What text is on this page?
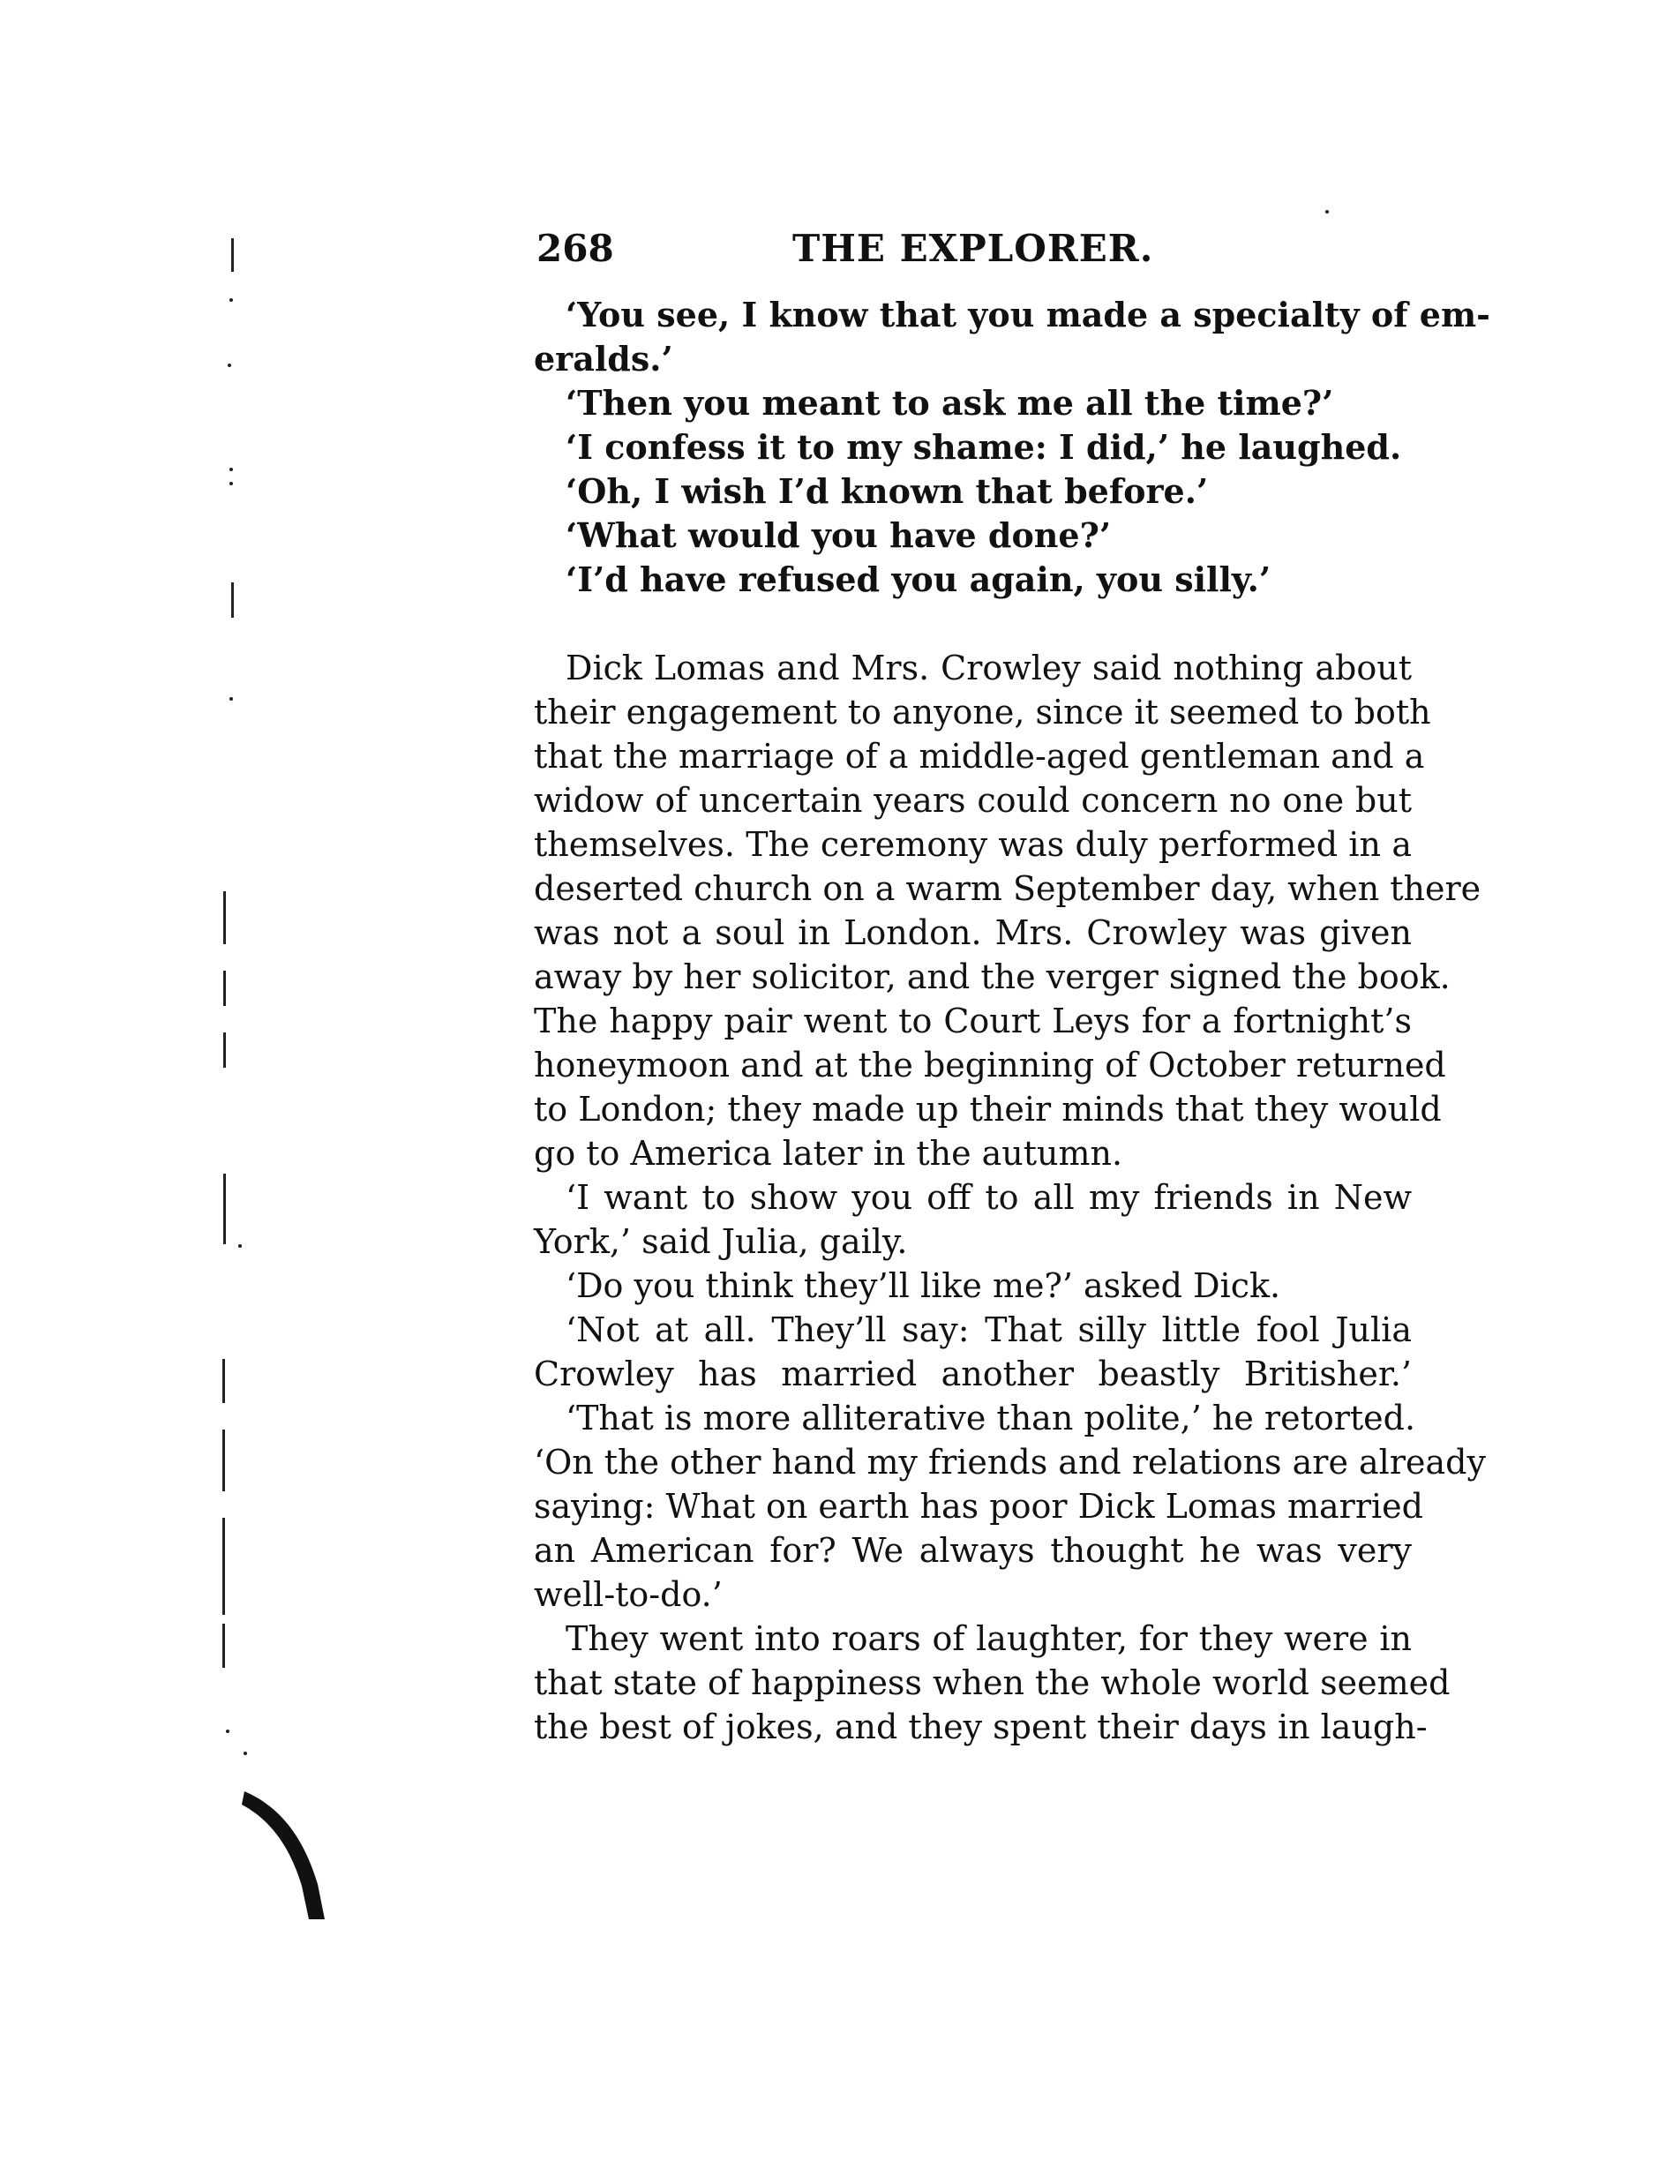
268	THE EXPLORER.
‘You see, I know that you made a specialty of em-
eralds.’
‘Then you meant to ask me all the time?’
‘I confess it to my shame: I did,’ he laughed.
‘Oh, I wish I’d known that before.’
‘What would you have done?’
‘I’d have refused you again, you silly.’
Dick Lomas and Mrs. Crowley said nothing about
their engagement to anyone, since it seemed to both
that the marriage of a middle-aged gentleman and a
widow of uncertain years could concern no one but
themselves. The ceremony was duly performed in a
deserted church on a warm September day, when there
was not a soul in London. Mrs. Crowley was given
away by her solicitor, and the verger signed the book.
The happy pair went to Court Leys for a fortnight’s
honeymoon and at the beginning of October returned
to London; they made up their minds that they would
go to America later in the autumn.
‘I want to show you off to all my friends in New
York,’ said Julia, gaily.
‘Do you think they’ll like me?’ asked Dick.
‘Not at all. They’ll say: That silly little fool Julia
Crowley has married another beastly Britisher.’
‘That is more alliterative than polite,’ he retorted.
‘On the other hand my friends and relations are already
saying: What on earth has poor Dick Lomas married
an American for? We always thought he was very
well-to-do.’
They went into roars of laughter, for they were in
that state of happiness when the whole world seemed
the best of jokes, and they spent their days in laugh-
